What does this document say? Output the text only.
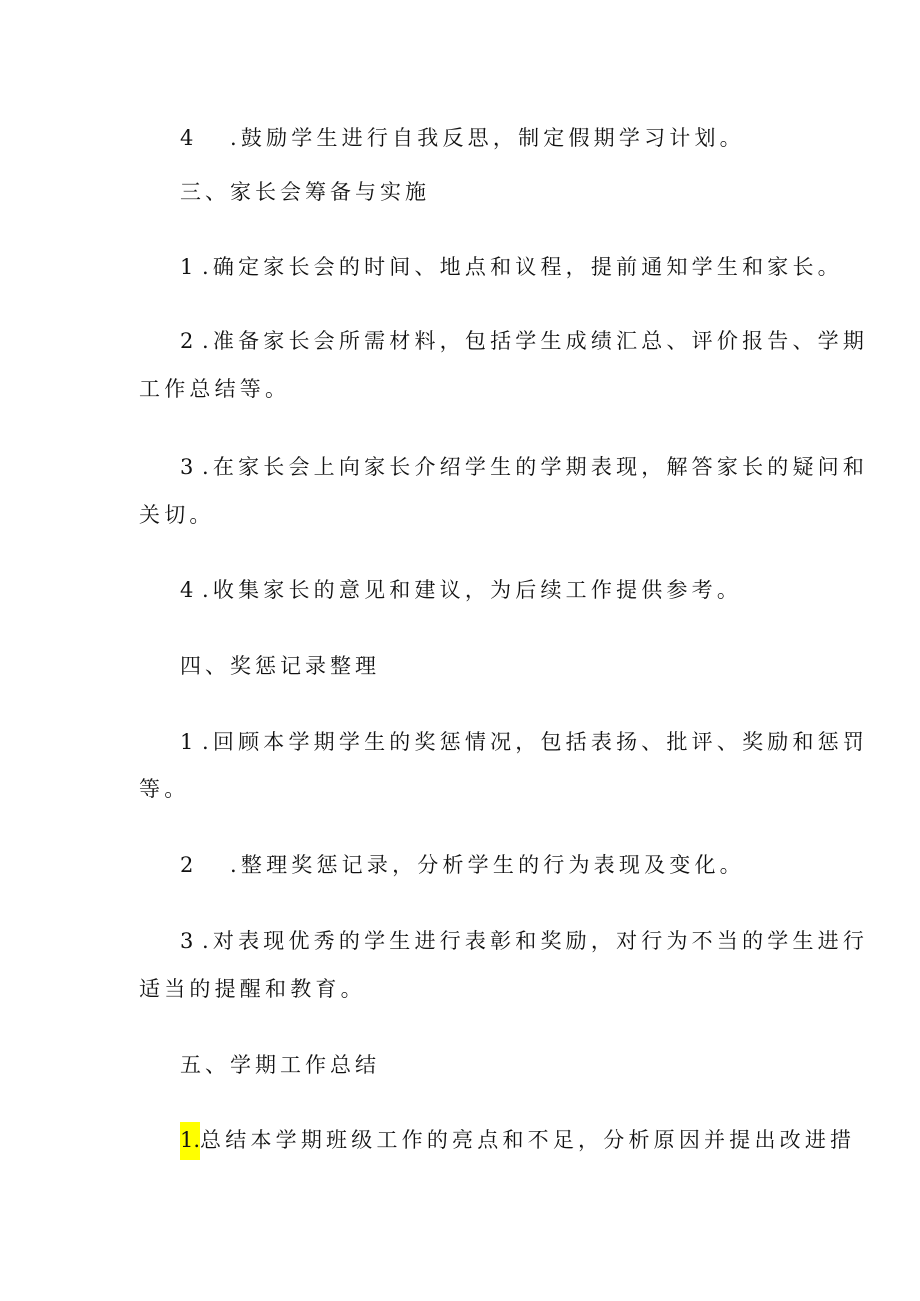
4 .鼓励学生进行自我反思，制定假期学习计划。
三、家长会筹备与实施
1 .确定家长会的时间、地点和议程，提前通知学生和家长。
2 .准备家长会所需材料，包括学生成绩汇总、评价报告、学期
工作总结等。
3 .在家长会上向家长介绍学生的学期表现，解答家长的疑问和
关切。
4 .收集家长的意见和建议，为后续工作提供参考。
四、奖惩记录整理
1 .回顾本学期学生的奖惩情况，包括表扬、批评、奖励和惩罚
等。
2 .整理奖惩记录，分析学生的行为表现及变化。
3 .对表现优秀的学生进行表彰和奖励，对行为不当的学生进行
适当的提醒和教育。
五、学期工作总结
1.总结本学期班级工作的亮点和不足，分析原因并提出改进措
